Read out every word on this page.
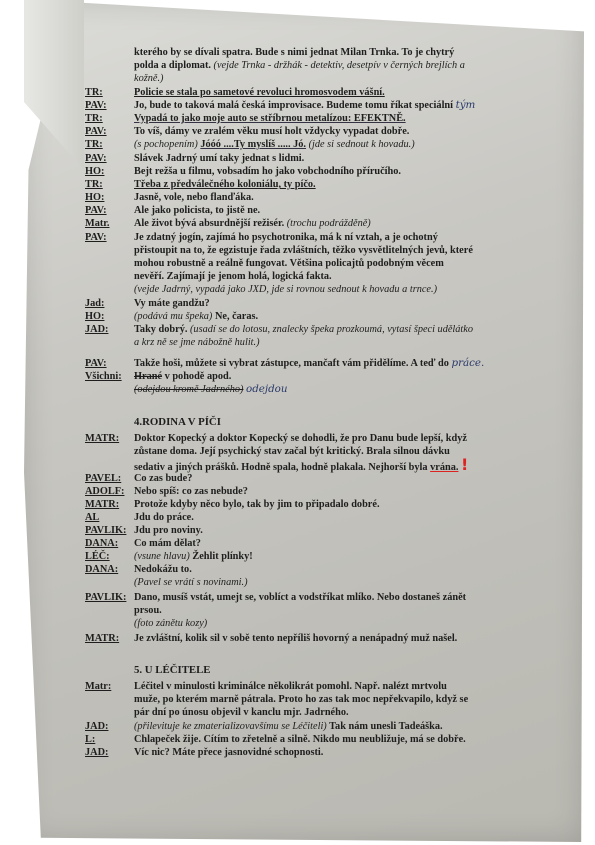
kterého by se dívali spatra. Bude s nimi jednat Milan Trnka. To je chytrý
polda a diplomat. (vejde Trnka - držhák - detektiv, desetpív v černých brejlích a
kožně.)
TR:	Policie se stala po sametové revoluci hromosvodem vášní.
PAV:	Jo, bude to taková malá česká improvisace. Budeme tomu říkat speciální tým
TR:	Vypadá to jako moje auto se stříbrnou metalízou: EFEKTNĚ.
PAV:	To víš, dámy ve zralém věku musí holt vždycky vypadat dobře.
TR:	(s pochopením) Jóóó ....Ty myslíš ..... Jó. (jde si sednout k hovadu.)
PAV:	Slávek Jadrný umí taky jednat s lidmi.
HO:	Bejt režša u filmu, vobsadím ho jako vobchodního příručího.
TR:	Třeba z předválečného koloniálu, ty píčo.
HO:	Jasně, vole, nebo flanďáka.
PAV:	Ale jako policista, to jistě ne.
Matr.	Ale život bývá absurdnější režisér. (trochu podrážděně)
PAV:	Je zdatný jogín, zajímá ho psychotronika, má k ní vztah, a je ochotný
přistoupit na to, že egzistuje řada zvláštních, těžko vysvětlitelných jevů, které
mohou robustně a reálně fungovat. Většina policajtů podobným věcem
nevěří. Zajímají je jenom holá, logická fakta.
(vejde Jadrný, vypadá jako JXD, jde si rovnou sednout k hovadu a trnce.)
Jad:	Vy máte gandžu?
HO:	(podává mu špeka) Ne, čaras.
JAD:	Taky dobrý. (usadí se do lotosu, znalecky špeka prozkoumá, vytasí špeci udělátko
a krz ně se jme nábožně hulit.)
PAV:	Takže hoši, můžete si vybrat zástupce, mančaft vám přidělíme. A teď do práce.
Všichni:	Hrané v pohodě apod.
(odejdou kromě Jadrného) odejdou
4.RODINA V PÍČI
MATR:	Doktor Kopecký a doktor Kopecký se dohodli, že pro Danu bude lepší, když
zůstane doma. Její psychický stav začal být kritický. Brala silnou dávku
sedativ a jiných prášků. Hodně spala, hodně plakala. Nejhorší byla vrána. !
PAVEL:	Co zas bude?
ADOLF: Nebo spíš: co zas nebude?
MATR:	Protože kdyby něco bylo, tak by jim to připadalo dobré.
AL	Jdu do práce.
PAVLIK: Jdu pro noviny.
DANA:	Co mám dělat?
LÉČ:	(vsune hlavu) Žehlit plínky!
DANA:	Nedokážu to.
(Pavel se vrátí s novinami.)
PAVLIK: Dano, musíš vstát, umejt se, voblíct a vodstříkat mlíko. Nebo dostaneš zánět
prsou.
(foto zánětu kozy)
MATR:	Je zvláštní, kolik sil v sobě tento nepříliš hovorný a nenápadný muž našel.
5. U LÉČITELE
Matr:	Léčitel v minulosti kriminálce několikrát pomohl. Např. nalézt mrtvolu
muže, po kterém marně pátrala. Proto ho zas tak moc nepřekvapilo, když se
pár dní po únosu objevil v kanclu mjr. Jadrného.
JAD:	(přilevituje ke zmaterializovavšímu se Léčiteli) Tak nám unesli Tadeáška.
L:	Chlapeček žije. Cítím to zřetelně a silně. Nikdo mu neubližuje, má se dobře.
JAD:	Víc nic? Máte přece jasnovidné schopnosti.
